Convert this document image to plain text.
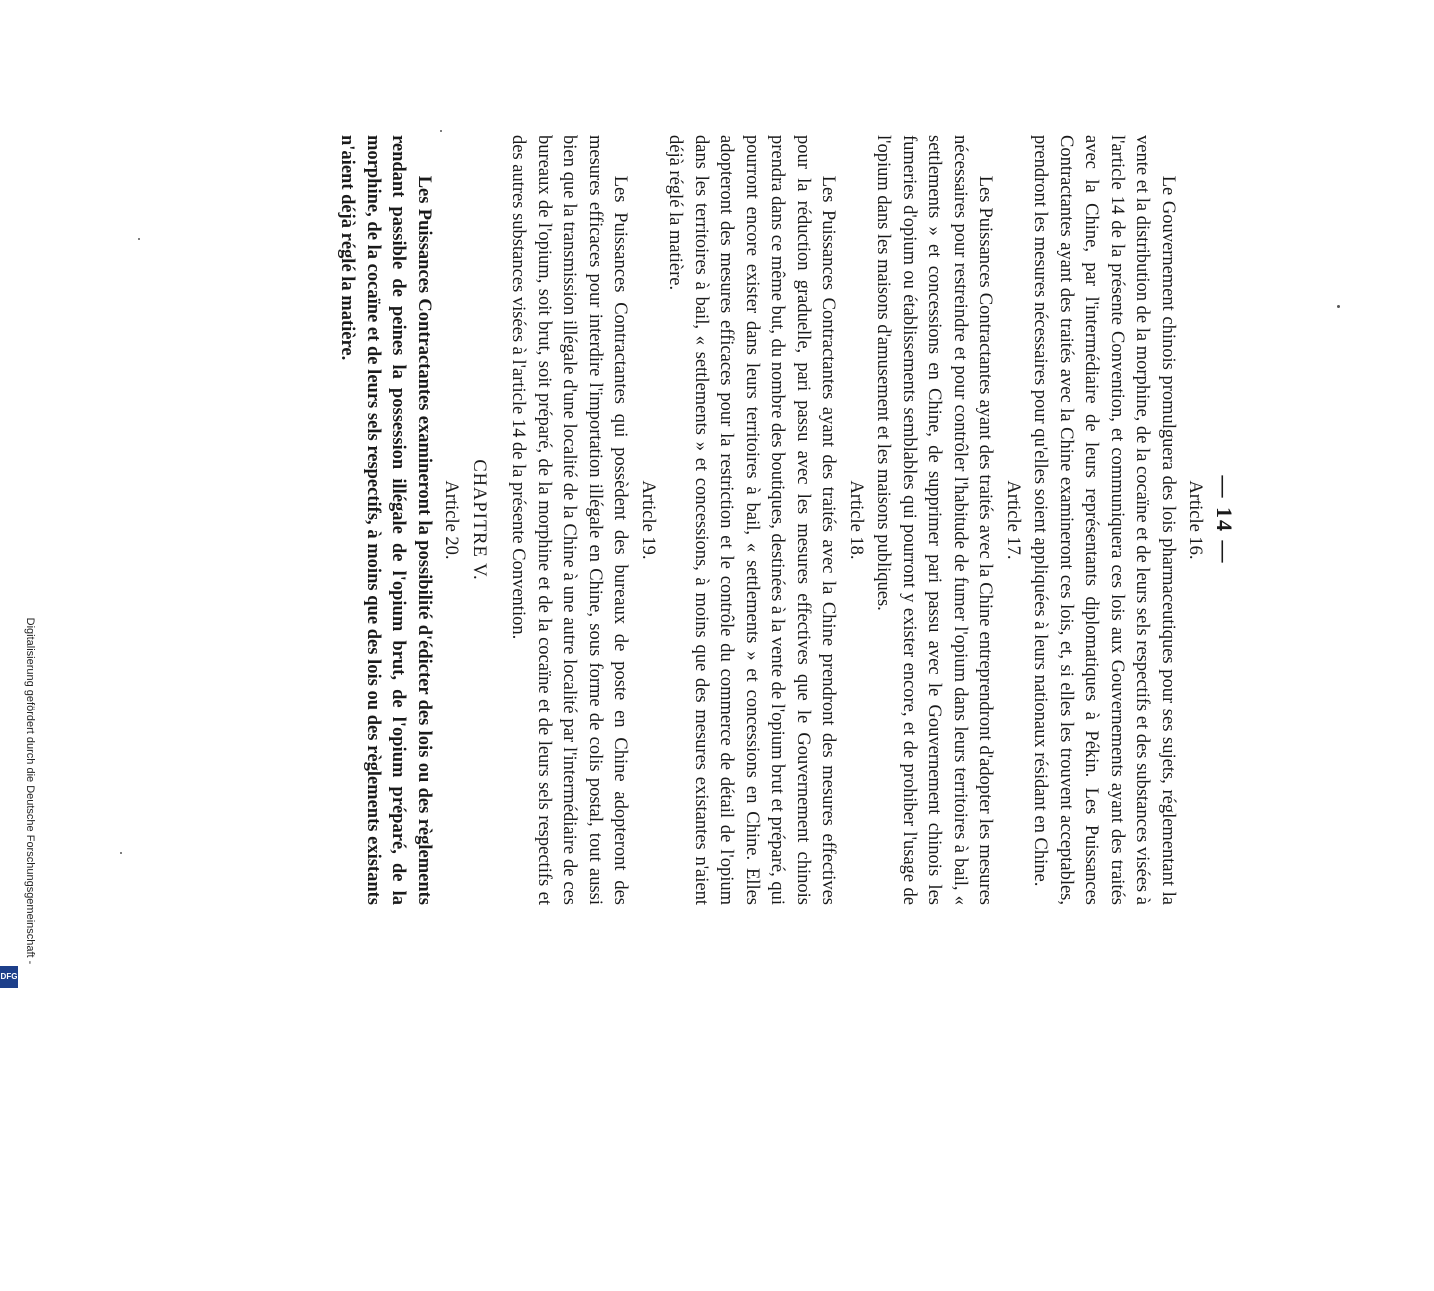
— 14 —
Article 16.

Le Gouvernement chinois promulguera des lois pharmaceutiques pour ses sujets, réglementant la vente et la distribution de la morphine, de la cocaïne et de leurs sels respectifs et des substances visées à l'article 14 de la présente Convention, et communiquera ces lois aux Gouvernements ayant des traités avec la Chine, par l'intermédiaire de leurs représentants diplomatiques à Pékin. Les Puissances Contractantes ayant des traités avec la Chine examineront ces lois, et, si elles les trouvent acceptables, prendront les mesures nécessaires pour qu'elles soient appliquées à leurs nationaux résidant en Chine.

Article 17.

Les Puissances Contractantes ayant des traités avec la Chine entreprendront d'adopter les mesures nécessaires pour restreindre et pour contrôler l'habitude de fumer l'opium dans leurs territoires à bail, « settlements » et concessions en Chine, de supprimer pari passu avec le Gouvernement chinois les fumeries d'opium ou établissements semblables qui pourront y exister encore, et de prohiber l'usage de l'opium dans les maisons d'amusement et les maisons publiques.

Article 18.

Les Puissances Contractantes ayant des traités avec la Chine prendront des mesures effectives pour la réduction graduelle, pari passu avec les mesures effectives que le Gouvernement chinois prendra dans ce même but, du nombre des boutiques, destinées à la vente de l'opium brut et préparé, qui pourront encore exister dans leurs territoires à bail, « settlements » et concessions en Chine. Elles adopteront des mesures efficaces pour la restriction et le contrôle du commerce de détail de l'opium dans les territoires à bail, « settlements » et concessions, à moins que des mesures existantes n'aient déjà réglé la matière.

Article 19.

Les Puissances Contractantes qui possèdent des bureaux de poste en Chine adopteront des mesures efficaces pour interdire l'importation illégale en Chine, sous forme de colis postal, tout aussi bien que la transmission illégale d'une localité de la Chine à une autre localité par l'intermédiaire de ces bureaux de l'opium, soit brut, soit préparé, de la morphine et de la cocaïne et de leurs sels respectifs et des autres substances visées à l'article 14 de la présente Convention.

CHAPITRE V.
Article 20.

Les Puissances Contractantes examineront la possibilité d'édicter des lois ou des règlements rendant passible de peines la possession illégale de l'opium brut, de l'opium préparé, de la morphine, de la cocaïne et de leurs sels respectifs, à moins que des lois ou des règlements existants n'aient déjà réglé la matière.

Digitalisierung gefördert durch die Deutsche Forschungsgemeinschaft -
DFG
